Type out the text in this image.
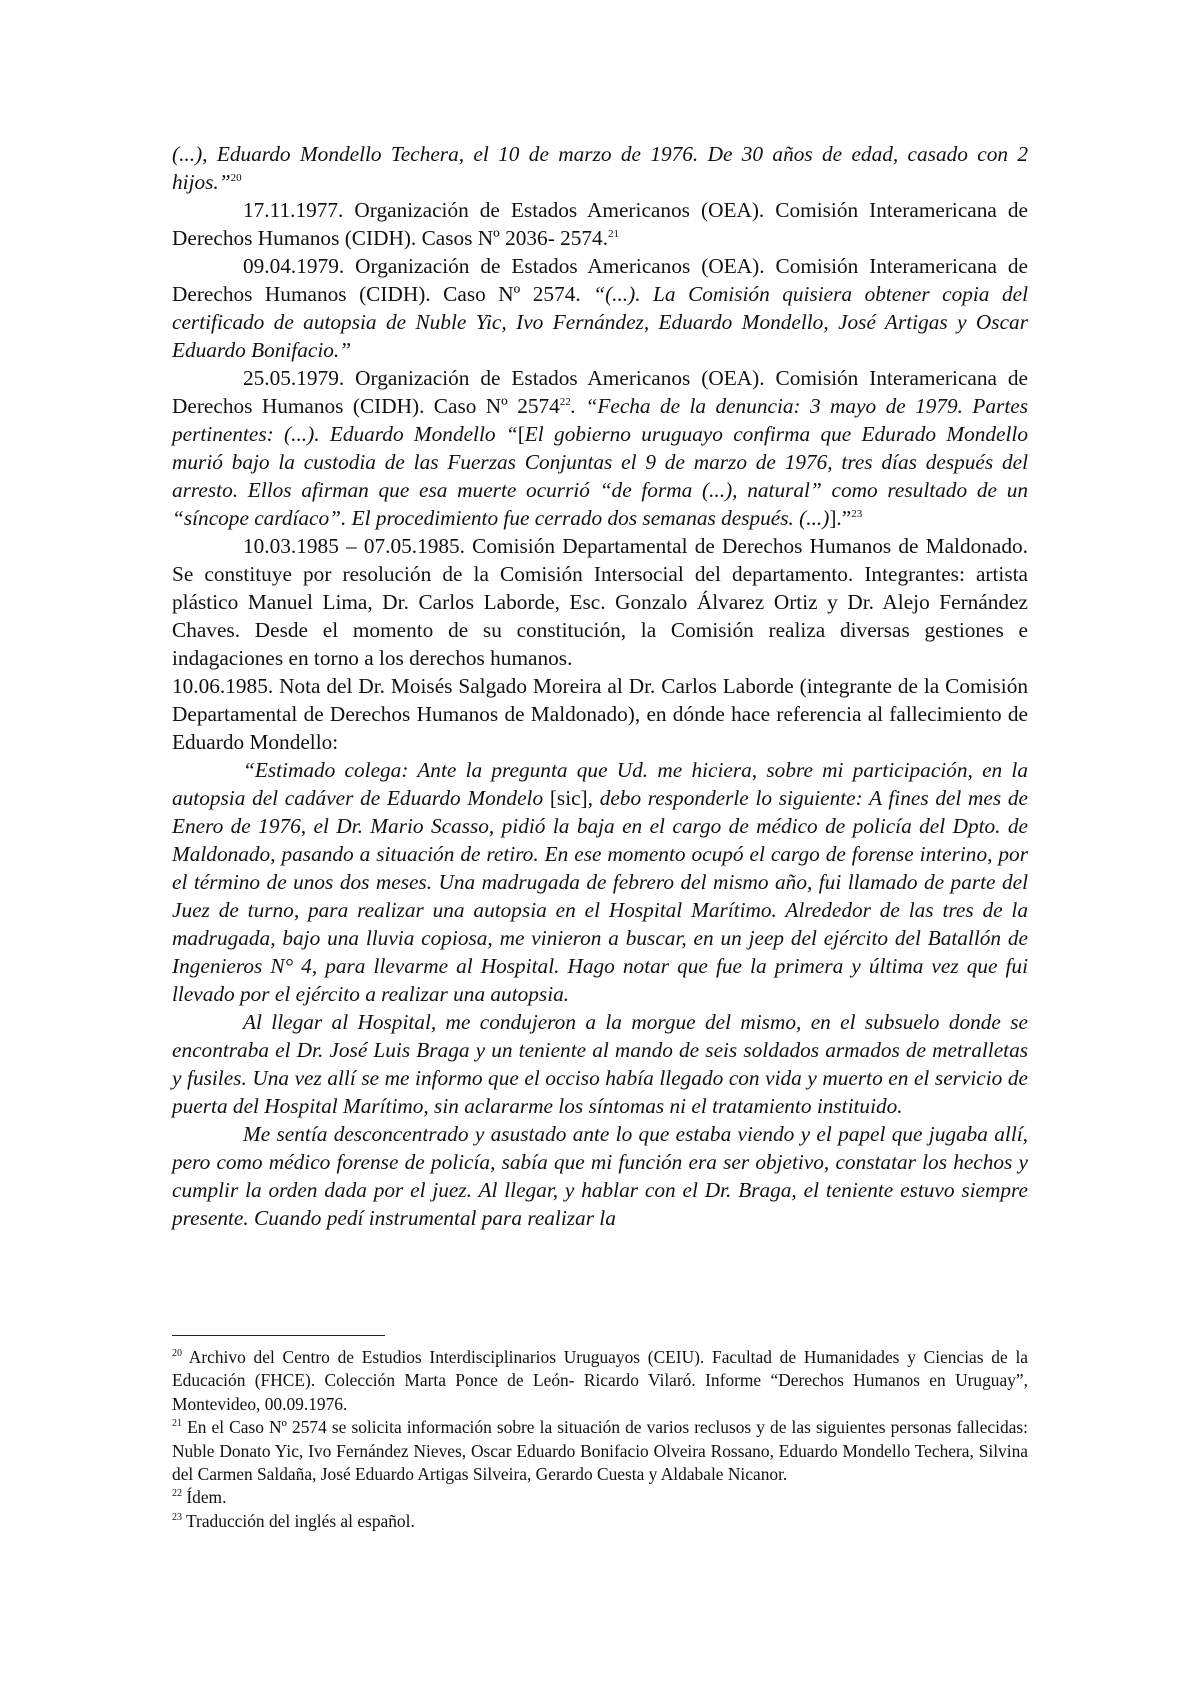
(...), Eduardo Mondello Techera, el 10 de marzo de 1976. De 30 años de edad, casado con 2 hijos.”$^{20}$

17.11.1977. Organización de Estados Americanos (OEA). Comisión Interamericana de Derechos Humanos (CIDH). Casos Nº 2036- 2574.21

09.04.1979. Organización de Estados Americanos (OEA). Comisión Interamericana de Derechos Humanos (CIDH). Caso Nº 2574. “(...). La Comisión quisiera obtener copia del certificado de autopsia de Nuble Yic, Ivo Fernández, Eduardo Mondello, José Artigas y Oscar Eduardo Bonifacio.”

25.05.1979. Organización de Estados Americanos (OEA). Comisión Interamericana de Derechos Humanos (CIDH). Caso Nº 2574$^{22}$. “Fecha de la denuncia: 3 mayo de 1979. Partes pertinentes: (...). Eduardo Mondello “[El gobierno uruguayo confirma que Edurado Mondello murió bajo la custodia de las Fuerzas Conjuntas el 9 de marzo de 1976, tres días después del arresto. Ellos afirman que esa muerte ocurrió “de forma (...), natural” como resultado de un “síncope cardíaco”. El procedimiento fue cerrado dos semanas después. (...)].”$^{23}$

10.03.1985 – 07.05.1985. Comisión Departamental de Derechos Humanos de Maldonado. Se constituye por resolución de la Comisión Intersocial del departamento. Integrantes: artista plástico Manuel Lima, Dr. Carlos Laborde, Esc. Gonzalo Álvarez Ortiz y Dr. Alejo Fernández Chaves. Desde el momento de su constitución, la Comisión realiza diversas gestiones e indagaciones en torno a los derechos humanos.

10.06.1985. Nota del Dr. Moisés Salgado Moreira al Dr. Carlos Laborde (integrante de la Comisión Departamental de Derechos Humanos de Maldonado), en dónde hace referencia al fallecimiento de Eduardo Mondello:

“Estimado colega: Ante la pregunta que Ud. me hiciera, sobre mi participación, en la autopsia del cadáver de Eduardo Mondelo [sic], debo responderle lo siguiente: A fines del mes de Enero de 1976, el Dr. Mario Scasso, pidió la baja en el cargo de médico de policía del Dpto. de Maldonado, pasando a situación de retiro. En ese momento ocupó el cargo de forense interino, por el término de unos dos meses. Una madrugada de febrero del mismo año, fui llamado de parte del Juez de turno, para realizar una autopsia en el Hospital Marítimo. Alrededor de las tres de la madrugada, bajo una lluvia copiosa, me vinieron a buscar, en un jeep del ejército del Batallón de Ingenieros N° 4, para llevarme al Hospital. Hago notar que fue la primera y última vez que fui llevado por el ejército a realizar una autopsia.

Al llegar al Hospital, me condujeron a la morgue del mismo, en el subsuelo donde se encontraba el Dr. José Luis Braga y un teniente al mando de seis soldados armados de metralletas y fusiles. Una vez allí se me informo que el occiso había llegado con vida y muerto en el servicio de puerta del Hospital Marítimo, sin aclararme los síntomas ni el tratamiento instituido.

Me sentía desconcentrado y asustado ante lo que estaba viendo y el papel que jugaba allí, pero como médico forense de policía, sabía que mi función era ser objetivo, constatar los hechos y cumplir la orden dada por el juez. Al llegar, y hablar con el Dr. Braga, el teniente estuvo siempre presente. Cuando pedí instrumental para realizar la

$^{20}$ Archivo del Centro de Estudios Interdisciplinarios Uruguayos (CEIU). Facultad de Humanidades y Ciencias de la Educación (FHCE). Colección Marta Ponce de León- Ricardo Vilaró. Informe “Derechos Humanos en Uruguay”, Montevideo, 00.09.1976.

$^{21}$ En el Caso Nº 2574 se solicita información sobre la situación de varios reclusos y de las siguientes personas fallecidas: Nuble Donato Yic, Ivo Fernández Nieves, Oscar Eduardo Bonifacio Olveira Rossano, Eduardo Mondello Techera, Silvina del Carmen Saldaña, José Eduardo Artigas Silveira, Gerardo Cuesta y Aldabale Nicanor.

$^{22}$ Ídem.

$^{23}$ Traducción del inglés al español.
